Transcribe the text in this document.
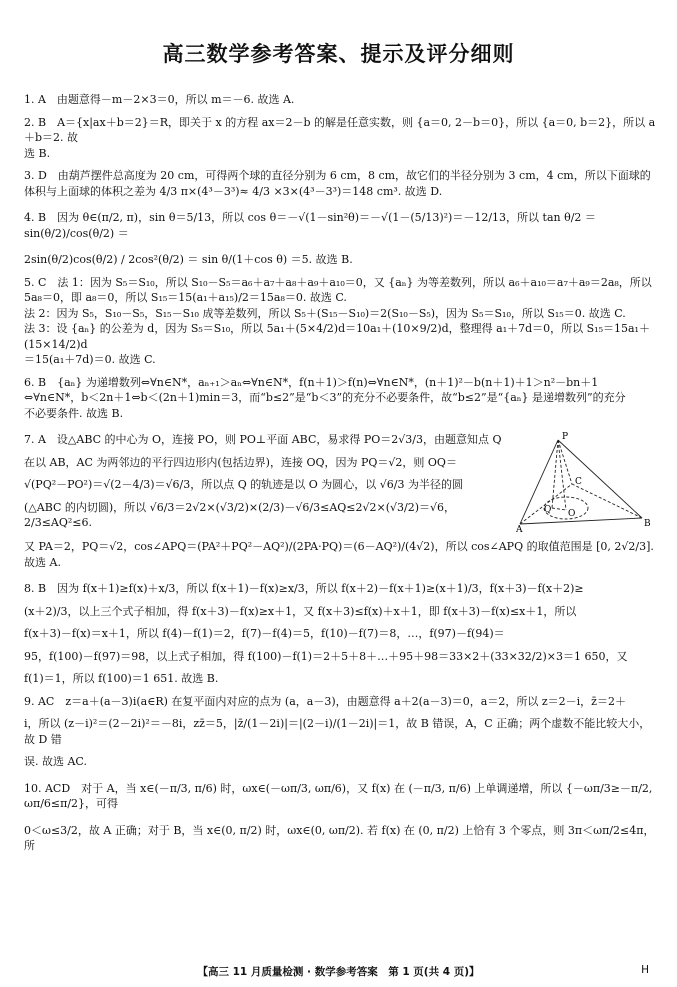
高三数学参考答案、提示及评分细则

1. A　由题意得－m－2×3＝0，所以 m＝－6. 故选 A.

2. B　A＝{x|ax＋b＝2}＝R，即关于 x 的方程 ax＝2－b 的解是任意实数，则 {a＝0, 2－b＝0}，所以 {a＝0, b＝2}，所以 a＋b＝2. 故

选 B.

3. D　由葫芦摆件总高度为 20 cm，可得两个球的直径分别为 6 cm，8 cm，故它们的半径分别为 3 cm，4 cm，所以下面球的

体积与上面球的体积之差为 4/3 π×(4³－3³)≈ 4/3 ×3×(4³－3³)＝148 cm³. 故选 D.

4. B　因为 θ∈(π/2, π)，sin θ＝5/13，所以 cos θ＝－√(1－sin²θ)＝－√(1－(5/13)²)＝－12/13，所以 tan θ/2 ＝ sin(θ/2)/cos(θ/2) ＝

2sin(θ/2)cos(θ/2) / 2cos²(θ/2) ＝ sin θ/(1＋cos θ) ＝5. 故选 B.

5. C　法 1：因为 S₅＝S₁₀，所以 S₁₀－S₅＝a₆＋a₇＋a₈＋a₉＋a₁₀＝0，又 {aₙ} 为等差数列，所以 a₆＋a₁₀＝a₇＋a₉＝2a₈，所以

5a₈＝0，即 a₈＝0，所以 S₁₅＝15(a₁＋a₁₅)/2＝15a₈＝0. 故选 C.

法 2：因为 S₅，S₁₀－S₅，S₁₅－S₁₀ 成等差数列，所以 S₅＋(S₁₅－S₁₀)＝2(S₁₀－S₅)，因为 S₅＝S₁₀，所以 S₁₅＝0. 故选 C.

法 3：设 {aₙ} 的公差为 d，因为 S₅＝S₁₀，所以 5a₁＋(5×4/2)d＝10a₁＋(10×9/2)d，整理得 a₁＋7d＝0，所以 S₁₅＝15a₁＋(15×14/2)d

＝15(a₁＋7d)＝0. 故选 C.

6. B　{aₙ} 为递增数列⇔∀n∈N*，aₙ₊₁＞aₙ⇔∀n∈N*，f(n＋1)＞f(n)⇔∀n∈N*，(n＋1)²－b(n＋1)＋1＞n²－bn＋1

⇔∀n∈N*，b＜2n＋1⇔b＜(2n＋1)min＝3，而“b≤2”是“b＜3”的充分不必要条件，故“b≤2”是“{aₙ} 是递增数列”的充分

不必要条件. 故选 B.

7. A　设△ABC 的中心为 O，连接 PO，则 PO⊥平面 ABC，易求得 PO＝2√3/3，由题意知点 Q

在以 AB，AC 为两邻边的平行四边形内(包括边界)，连接 OQ，因为 PQ＝√2，则 OQ＝

√(PQ²－PO²)＝√(2－4/3)＝√6/3，所以点 Q 的轨迹是以 O 为圆心，以 √6/3 为半径的圆

(△ABC 的内切圆)，所以 √6/3＝2√2×(√3/2)×(2/3)－√6/3≤AQ≤2√2×(√3/2)＝√6，2/3≤AQ²≤6.

P
A
B
C
Q O

又 PA＝2，PQ＝√2，cos∠APQ＝(PA²＋PQ²－AQ²)/(2PA·PQ)＝(6－AQ²)/(4√2)，所以 cos∠APQ 的取值范围是 [0, 2√2/3]. 故选 A.

8. B　因为 f(x＋1)≥f(x)＋x/3，所以 f(x＋1)－f(x)≥x/3，所以 f(x＋2)－f(x＋1)≥(x＋1)/3，f(x＋3)－f(x＋2)≥

(x＋2)/3，以上三个式子相加，得 f(x＋3)－f(x)≥x＋1，又 f(x＋3)≤f(x)＋x＋1，即 f(x＋3)－f(x)≤x＋1，所以

f(x＋3)－f(x)＝x＋1，所以 f(4)－f(1)＝2，f(7)－f(4)＝5，f(10)－f(7)＝8，…，f(97)－f(94)＝

95，f(100)－f(97)＝98，以上式子相加，得 f(100)－f(1)＝2＋5＋8＋…＋95＋98＝33×2＋(33×32/2)×3＝1 650，又

f(1)＝1，所以 f(100)＝1 651. 故选 B.

9. AC　z＝a＋(a－3)i(a∈R) 在复平面内对应的点为 (a，a－3)，由题意得 a＋2(a－3)＝0，a＝2，所以 z＝2－i，z̄＝2＋

i，所以 (z－i)²＝(2－2i)²＝－8i，zz̄＝5，|z̄/(1－2i)|＝|(2－i)/(1－2i)|＝1，故 B 错误，A，C 正确；两个虚数不能比较大小，故 D 错

误. 故选 AC.

10. ACD　对于 A，当 x∈(－π/3, π/6) 时，ωx∈(－ωπ/3, ωπ/6)，又 f(x) 在 (－π/3, π/6) 上单调递增，所以 {－ωπ/3≥－π/2, ωπ/6≤π/2}，可得

0＜ω≤3/2，故 A 正确；对于 B，当 x∈(0, π/2) 时，ωx∈(0, ωπ/2). 若 f(x) 在 (0, π/2) 上恰有 3 个零点，则 3π＜ωπ/2≤4π，所

【高三 11 月质量检测 · 数学参考答案　第 1 页(共 4 页)】	H
